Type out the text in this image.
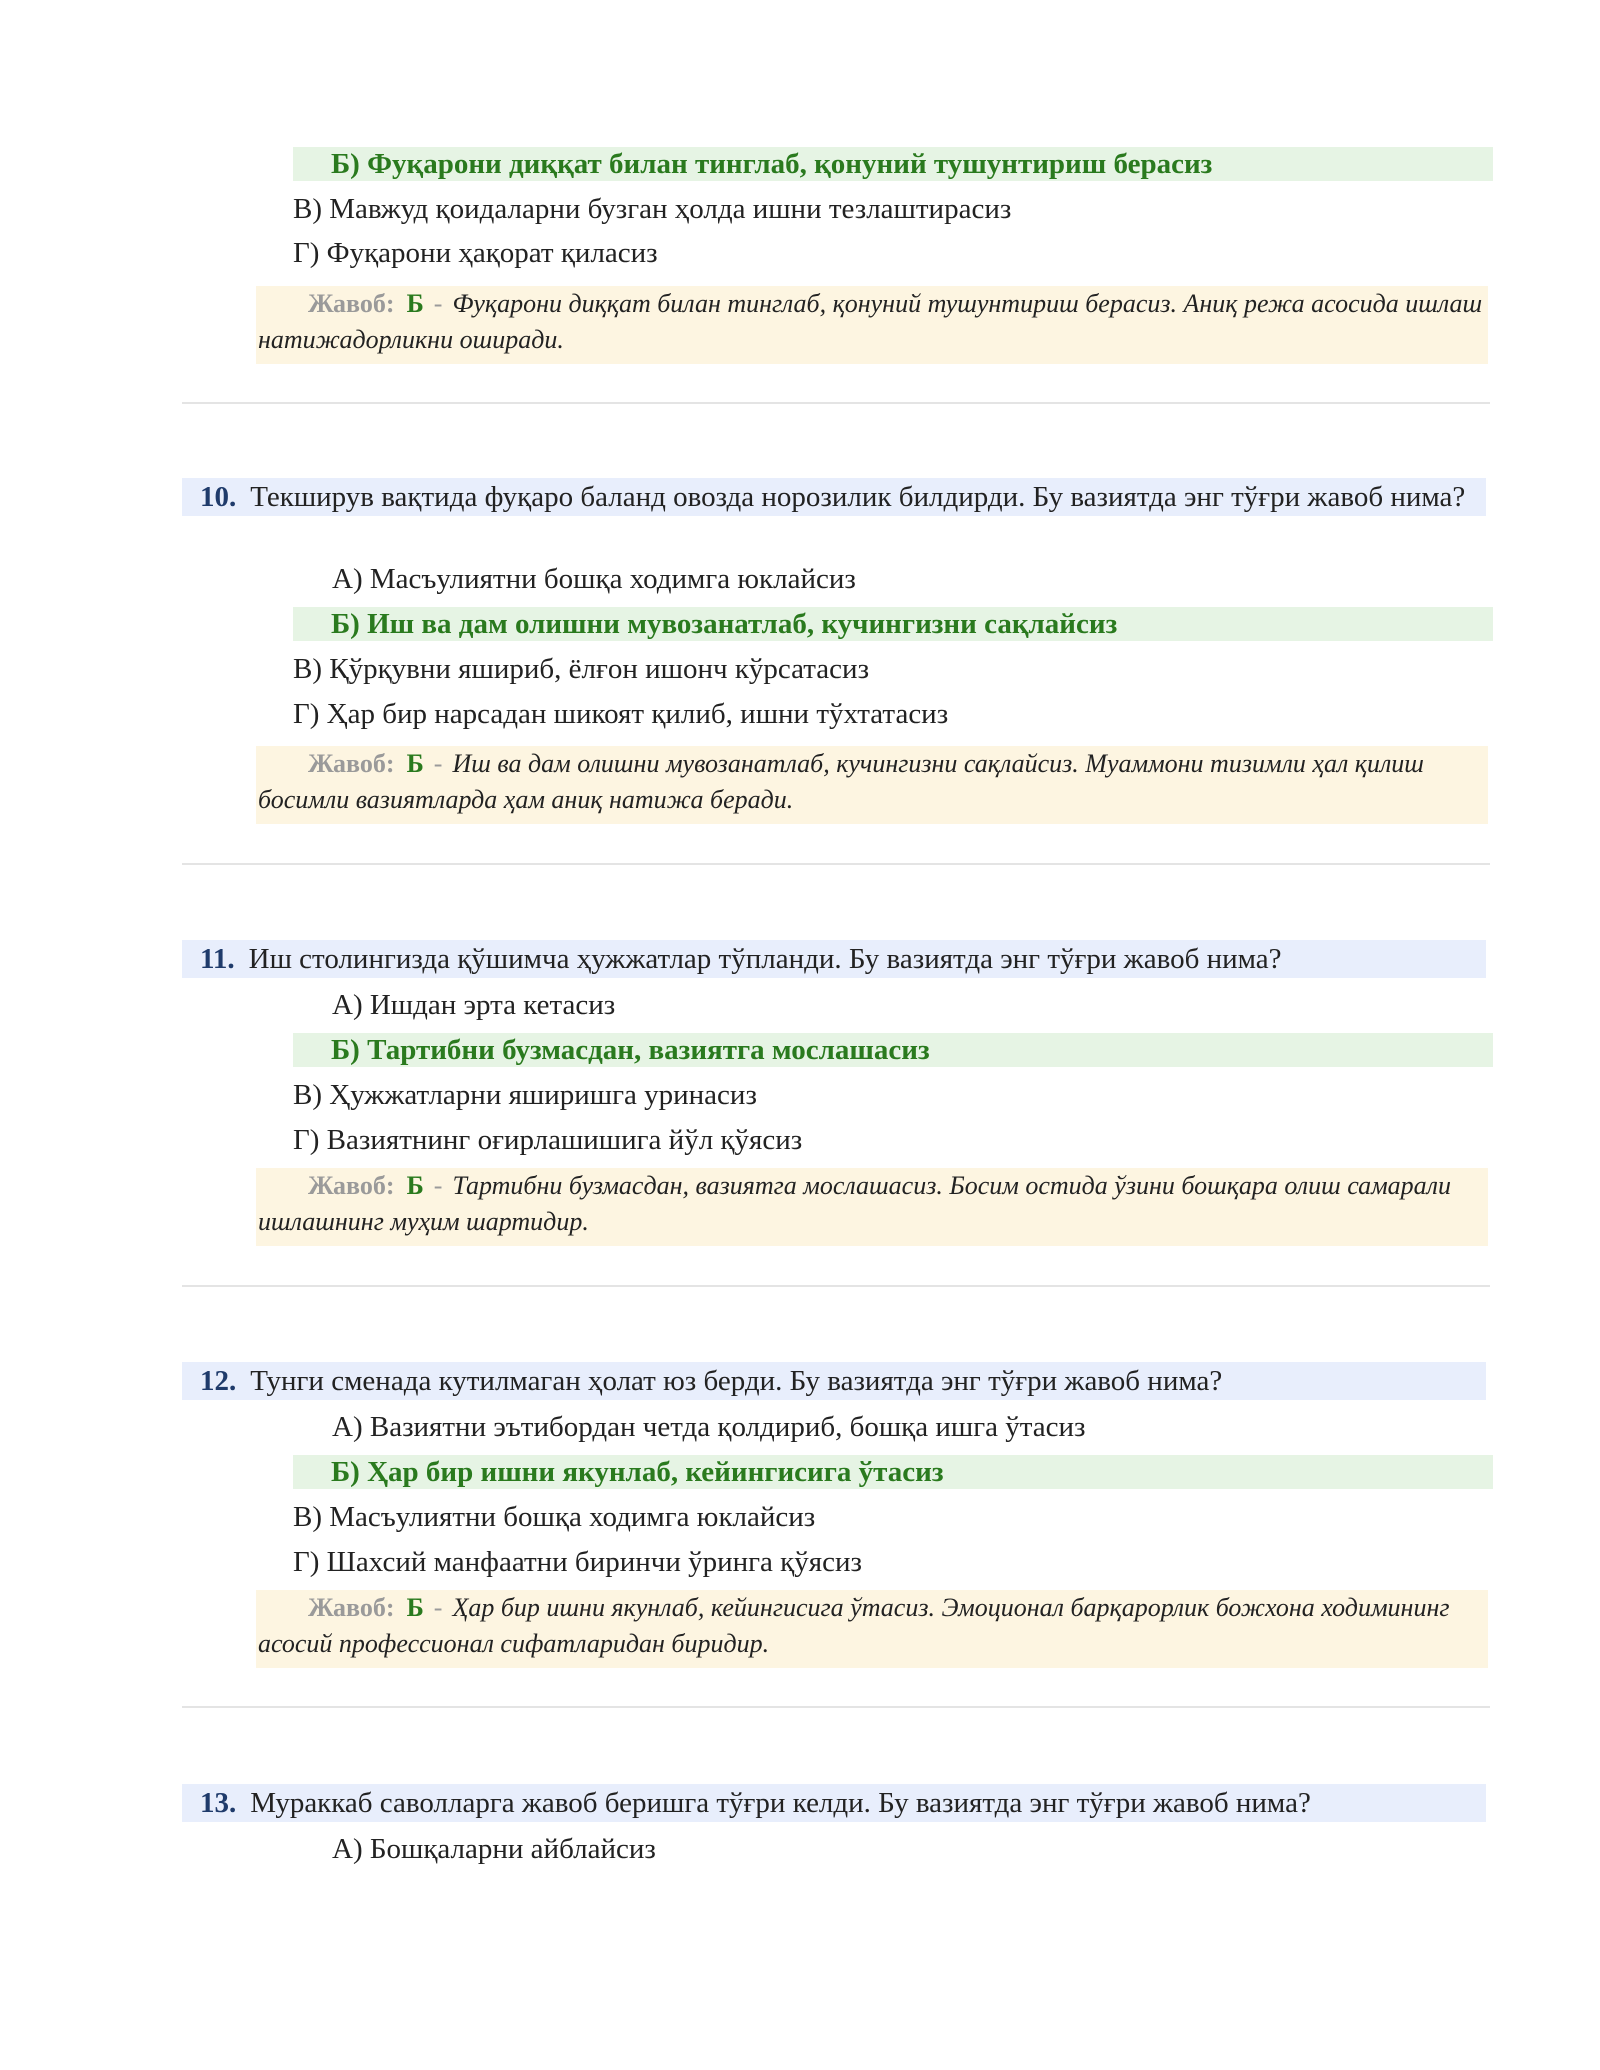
Б) Фуқарони диққат билан тинглаб, қонуний тушунтириш берасиз
В) Мавжуд қоидаларни бузган ҳолда ишни тезлаштирасиз
Г) Фуқарони ҳақорат қиласиз
Жавоб: Б - Фуқарони диққат билан тинглаб, қонуний тушунтириш берасиз. Аниқ режа асосида ишлаш натижадорликни оширади.
10. Текширув вақтида фуқаро баланд овозда норозилик билдирди. Бу вазиятда энг тўғри жавоб нима?
А) Масъулиятни бошқа ходимга юклайсиз
Б) Иш ва дам олишни мувозанатлаб, кучингизни сақлайсиз
В) Қўрқувни яшириб, ёлғон ишонч кўрсатасиз
Г) Ҳар бир нарсадан шикоят қилиб, ишни тўхтатасиз
Жавоб: Б - Иш ва дам олишни мувозанатлаб, кучингизни сақлайсиз. Муаммони тизимли ҳал қилиш босимли вазиятларда ҳам аниқ натижа беради.
11. Иш столингизда қўшимча ҳужжатлар тўпланди. Бу вазиятда энг тўғри жавоб нима?
А) Ишдан эрта кетасиз
Б) Тартибни бузмасдан, вазиятга мослашасиз
В) Ҳужжатларни яширишга уринасиз
Г) Вазиятнинг оғирлашишига йўл қўясиз
Жавоб: Б - Тартибни бузмасдан, вазиятга мослашасиз. Босим остида ўзини бошқара олиш самарали ишлашнинг муҳим шартидир.
12. Тунги сменада кутилмаган ҳолат юз берди. Бу вазиятда энг тўғри жавоб нима?
А) Вазиятни эътибордан четда қолдириб, бошқа ишга ўтасиз
Б) Ҳар бир ишни якунлаб, кейингисига ўтасиз
В) Масъулиятни бошқа ходимга юклайсиз
Г) Шахсий манфаатни биринчи ўринга қўясиз
Жавоб: Б - Ҳар бир ишни якунлаб, кейингисига ўтасиз. Эмоционал барқарорлик божхона ходимининг асосий профессионал сифатларидан биридир.
13. Мураккаб саволларга жавоб беришга тўғри келди. Бу вазиятда энг тўғри жавоб нима?
А) Бошқаларни айблайсиз
